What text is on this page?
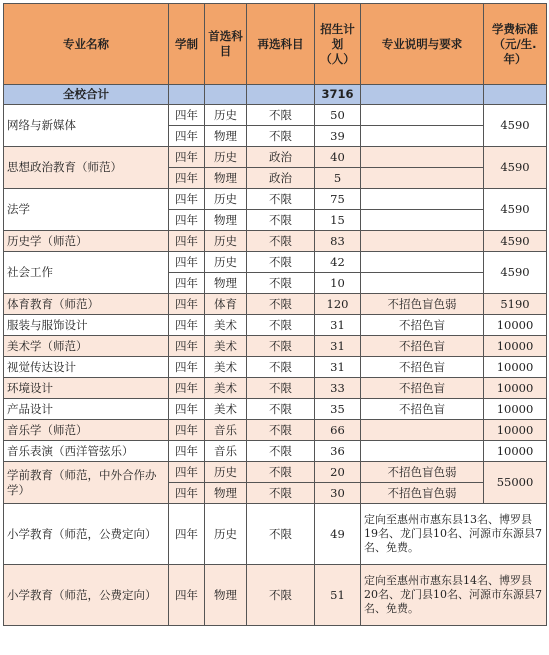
专业名称	学制	首选科目	再选科目	招生计划（人）	专业说明与要求	学费标准（元/生.年）
全校合计				3716		
网络与新媒体	四年	历史	不限	50		4590
	四年	物理	不限	39		
思想政治教育（师范）	四年	历史	政治	40		4590
	四年	物理	政治	5		
法学	四年	历史	不限	75		4590
	四年	物理	不限	15		
历史学（师范）	四年	历史	不限	83		4590
社会工作	四年	历史	不限	42		4590
	四年	物理	不限	10		
体育教育（师范）	四年	体育	不限	120	不招色盲色弱	5190
服装与服饰设计	四年	美术	不限	31	不招色盲	10000
美术学（师范）	四年	美术	不限	31	不招色盲	10000
视觉传达设计	四年	美术	不限	31	不招色盲	10000
环境设计	四年	美术	不限	33	不招色盲	10000
产品设计	四年	美术	不限	35	不招色盲	10000
音乐学（师范）	四年	音乐	不限	66		10000
音乐表演（西洋管弦乐）	四年	音乐	不限	36		10000
学前教育（师范，中外合作办学）	四年	历史	不限	20	不招色盲色弱	55000
	四年	物理	不限	30	不招色盲色弱	
小学教育（师范，公费定向）	四年	历史	不限	49	定向至惠州市惠东县13名、博罗县19名、龙门县10名、河源市东源县7名、免费。	
小学教育（师范，公费定向）	四年	物理	不限	51	定向至惠州市惠东县14名、博罗县20名、龙门县10名、河源市东源县7名、免费。	
